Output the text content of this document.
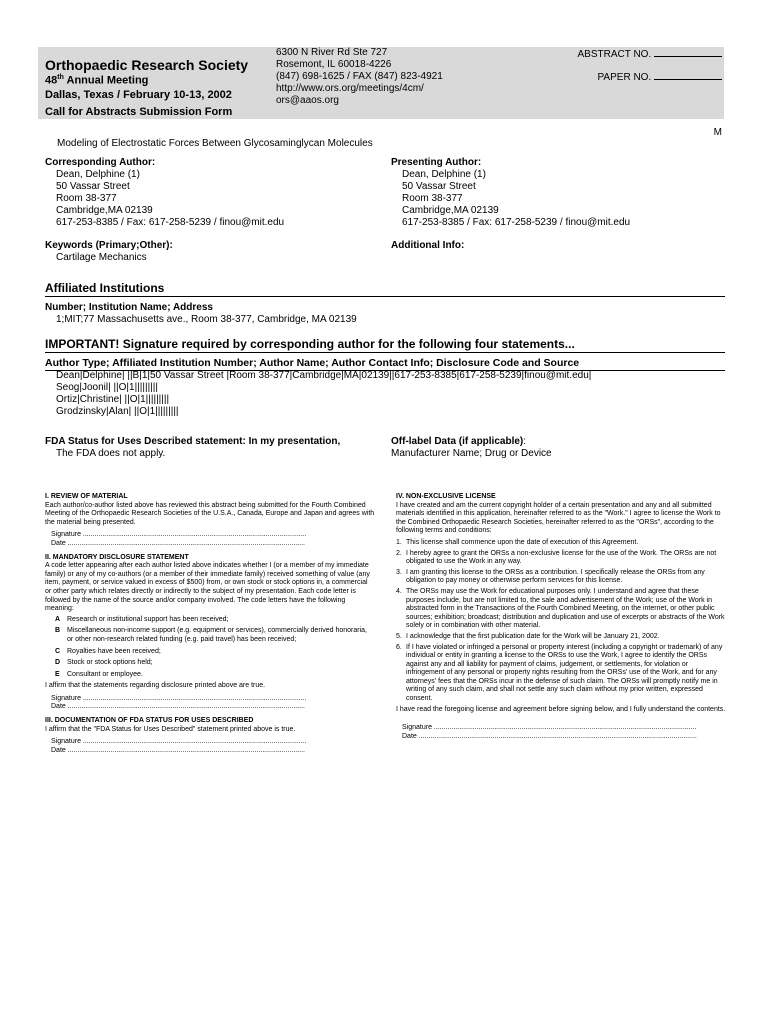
Orthopaedic Research Society
48th Annual Meeting
Dallas, Texas / February 10-13, 2002
Call for Abstracts Submission Form
6300 N River Rd Ste 727
Rosemont, IL 60018-4226
(847) 698-1625 / FAX (847) 823-4921
http://www.ors.org/meetings/4cm/
ors@aaos.org
ABSTRACT NO.
PAPER NO.
M
Modeling of Electrostatic Forces Between Glycosaminglycan Molecules
Corresponding Author:
Dean, Delphine (1)
50 Vassar Street
Room 38-377
Cambridge,MA 02139
617-253-8385 / Fax: 617-258-5239 / finou@mit.edu
Presenting Author:
Dean, Delphine (1)
50 Vassar Street
Room 38-377
Cambridge,MA 02139
617-253-8385 / Fax: 617-258-5239 / finou@mit.edu
Keywords (Primary;Other):
Cartilage Mechanics
Additional Info:
Affiliated Institutions
Number; Institution Name; Address
1;MIT;77 Massachusetts ave., Room 38-377, Cambridge, MA 02139
IMPORTANT! Signature required by corresponding author for the following four statements...
Author Type; Affiliated Institution Number; Author Name; Author Contact Info; Disclosure Code and Source
Dean|Delphine| ||B|1|50 Vassar Street |Room 38-377|Cambridge|MA|02139||617-253-8385|617-258-5239|finou@mit.edu|
Seog|Joonil| ||O|1|||||||||
Ortiz|Christine| ||O|1|||||||||
Grodzinsky|Alan| ||O|1|||||||||
FDA Status for Uses Described statement: In my presentation,
The FDA does not apply.
Off-label Data (if applicable):
Manufacturer Name; Drug or Device

I. REVIEW OF MATERIAL

Each author/co-author listed above has reviewed this abstract being submitted for the Fourth Combined Meeting of the Orthopaedic Research Societies of the U.S.A., Canada, Europe and Japan and agrees with the material being presented.

Signature ...................................................................................................................

Date ..........................................................................................................................

II. MANDATORY DISCLOSURE STATEMENT

A code letter appearing after each author listed above indicates whether I (or a member of my immediate family) or any of my co-authors (or a member of their immediate family) received something of value (any item, payment, or service valued in excess of $500) from, or own stock or stock options in, a commercial or other party which relates directly or indirectly to the subject of my presentation. Each code letter is followed by the name of the source and/or company involved. The code letters have the following meaning:

A Research or institutional support has been received;
B Miscellaneous non-income support (e.g. equipment or services), commercially derived honoraria, or other non-research related funding (e.g. paid travel) has been received;
C Royalties have been received;
D Stock or stock options held;
E	Consultant or employee.

I affirm that the statements regarding disclosure printed above are true.

Signature ...................................................................................................................

Date ..........................................................................................................................

III. DOCUMENTATION OF FDA STATUS FOR USES DESCRIBED

I affirm that the "FDA Status for Uses Described" statement printed above is true.

Signature ...................................................................................................................

Date ..........................................................................................................................

IV. NON-EXCLUSIVE LICENSE

I have created and am the current copyright holder of a certain presentation and any and all submitted materials identified in this application, hereinafter referred to as the "Work." I agree to license the Work to the Combined Orthopaedic Research Societies, hereinafter referred to as the "ORSs", according to the following terms and conditions:

1. This license shall commence upon the date of execution of this Agreement.
2. I hereby agree to grant the ORSs a non-exclusive license for the use of the Work. The ORSs are not obligated to use the Work in any way.
3. I am granting this license to the ORSs as a contribution. I specifically release the ORSs from any obligation to pay money or otherwise perform services for this license.
4. The ORSs may use the Work for educational purposes only. I understand and agree that these purposes include, but are not limited to, the sale and advertisement of the Work; use of the Work in abstracted form in the Transactions of the Fourth Combined Meeting, on the internet, or other public sources; exhibition; broadcast; distribution and duplication and use of excerpts or abstracts of the Work solely or in combination with other material.
5. I acknowledge that the first publication date for the Work will be January 21, 2002.
6. If I have violated or infringed a personal or property interest (including a copyright or trademark) of any individual or entity in granting a license to the ORSs to use the Work, I agree to identify the ORSs against any and all liability for payment of claims, judgement, or settlements, for violation or infringement of any personal or property rights resulting from the ORSs' use of the Work, and for any attorneys' fees that the ORSs incur in the defense of such claim. The ORSs will promptly notify me in writing of any such claim, and shall not settle any such claim without my prior written, expressed consent.

I have read the foregoing license and agreement before signing below, and I fully understand the contents.

Signature .......................................................................................................................................

Date ...............................................................................................................................................
